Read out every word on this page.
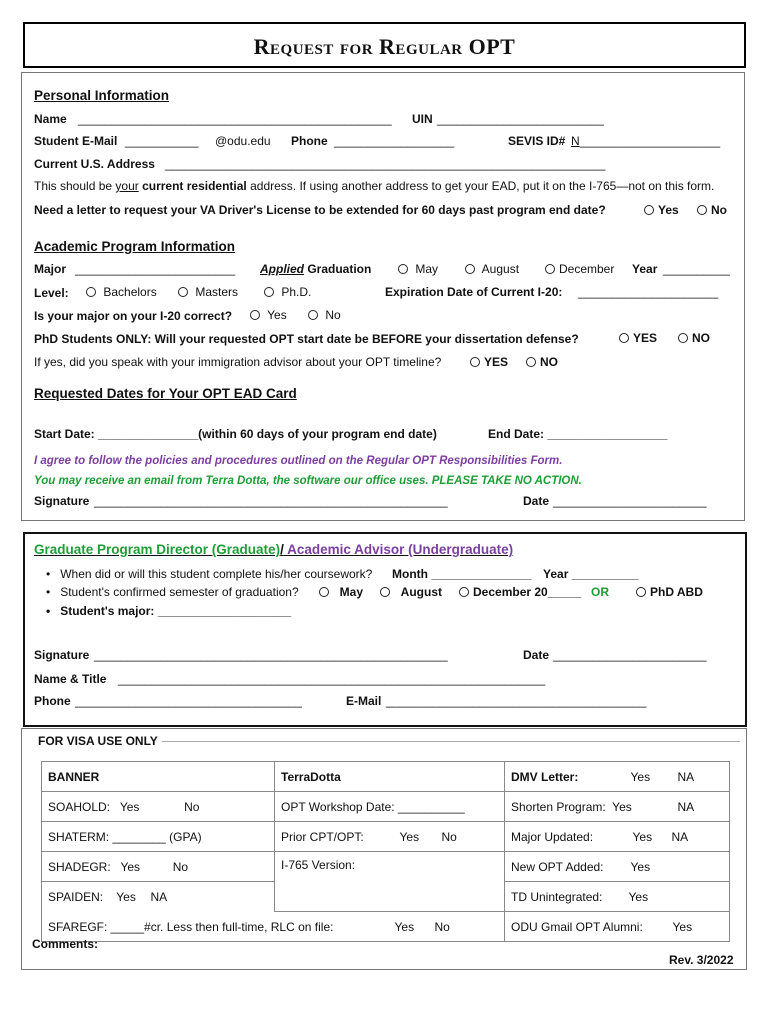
Request for Regular OPT
Personal Information
Name _______________________________________________ UIN _________________________
Student E-Mail ___________ @odu.edu Phone __________________	SEVIS ID# N _____________________
Current U.S. Address __________________________________________________________________
This should be your current residential address. If using another address to get your EAD, put it on the I-765—not on this form.
Need a letter to request your VA Driver's License to be extended for 60 days past program end date?	Yes	No
Academic Program Information
Major ________________________ Applied Graduation	May	August	December Year __________
Level:	Bachelors	Masters	Ph.D.	Expiration Date of Current I-20: _____________________
Is your major on your I-20 correct?	Yes	No
PhD Students ONLY: Will your requested OPT start date be BEFORE your dissertation defense?	YES	NO
If yes, did you speak with your immigration advisor about your OPT timeline?	YES	NO
Requested Dates for Your OPT EAD Card
Start Date: _______________(within 60 days of your program end date)	End Date: __________________
I agree to follow the policies and procedures outlined on the Regular OPT Responsibilities Form.
You may receive an email from Terra Dotta, the software our office uses. PLEASE TAKE NO ACTION.
Signature _____________________________________________________	Date _______________________
Graduate Program Director (Graduate)/ Academic Advisor (Undergraduate)
•   When did or will this student complete his/her coursework? Month _______________ Year __________
•   Student's confirmed semester of graduation?	May	August	December 20_____ OR	PhD ABD
•   Student's major: ____________________
Signature _____________________________________________________	Date _______________________
Name & Title ________________________________________________________________
Phone __________________________________	E-Mail _______________________________________
FOR VISA USE ONLY
BANNER	TerraDotta	DMV Letter: Yes NA

SOAHOLD: Yes No	OPT Workshop Date: __________	Shorten Program: Yes NA

SHATERM: ________ (GPA)	Prior CPT/OPT: Yes No	Major Updated: Yes NA

SHADEGR: Yes No	I-765 Version:	New OPT Added: Yes

SPAIDEN: Yes NA		TD Unintegrated: Yes

SFAREGF: _____#cr. Less then full-time, RLC on file: Yes No		ODU Gmail OPT Alumni: Yes
Comments:
Rev. 3/2022
